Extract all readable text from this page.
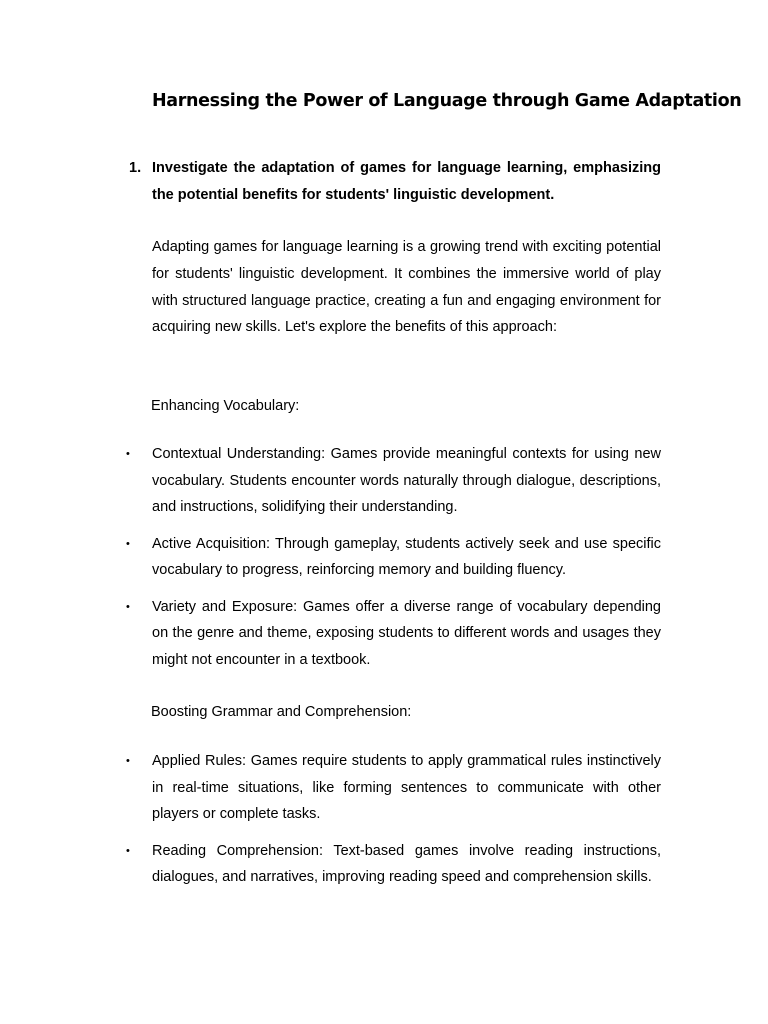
Harnessing the Power of Language through Game Adaptation
1. Investigate the adaptation of games for language learning, emphasizing the potential benefits for students' linguistic development.
Adapting games for language learning is a growing trend with exciting potential for students' linguistic development. It combines the immersive world of play with structured language practice, creating a fun and engaging environment for acquiring new skills. Let's explore the benefits of this approach:
Enhancing Vocabulary:
• Contextual Understanding: Games provide meaningful contexts for using new vocabulary. Students encounter words naturally through dialogue, descriptions, and instructions, solidifying their understanding.
• Active Acquisition: Through gameplay, students actively seek and use specific vocabulary to progress, reinforcing memory and building fluency.
• Variety and Exposure: Games offer a diverse range of vocabulary depending on the genre and theme, exposing students to different words and usages they might not encounter in a textbook.
Boosting Grammar and Comprehension:
• Applied Rules: Games require students to apply grammatical rules instinctively in real-time situations, like forming sentences to communicate with other players or complete tasks.
• Reading Comprehension: Text-based games involve reading instructions, dialogues, and narratives, improving reading speed and comprehension skills.
